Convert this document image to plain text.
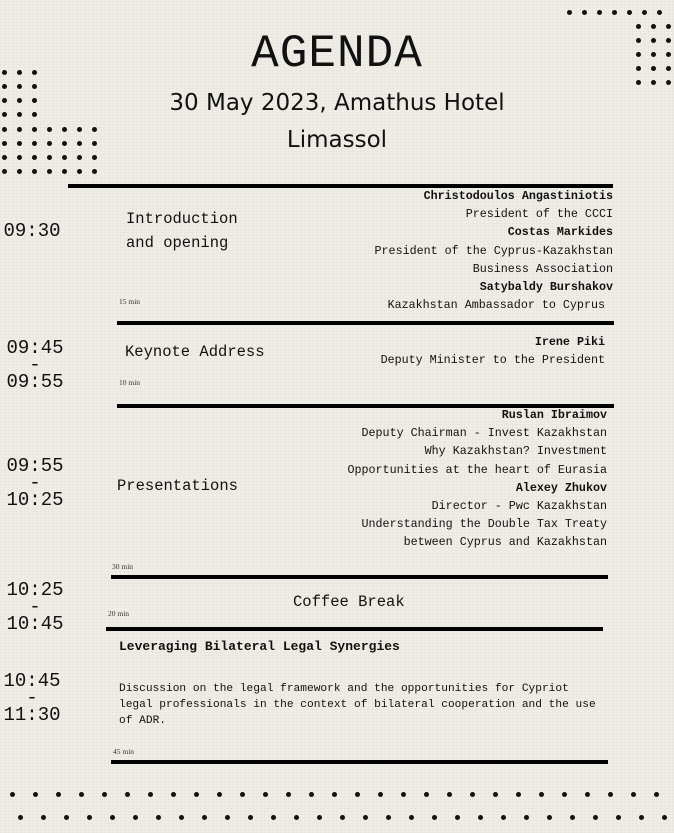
AGENDA
30 May 2023, Amathus Hotel
Limassol
09:30
Introduction
and opening
15 min
Christodoulos Angastiniotis
President of the CCCI
Costas Markides
President of the Cyprus-Kazakhstan
Business Association
Satybaldy Burshakov
Kazakhstan Ambassador to Cyprus
09:45
-
09:55
Keynote Address
10 min
Irene Piki
Deputy Minister to the President
09:55
-
10:25
Presentations
30 min
Ruslan Ibraimov
Deputy Chairman - Invest Kazakhstan
Why Kazakhstan? Investment
Opportunities at the heart of Eurasia
Alexey Zhukov
Director - Pwc Kazakhstan
Understanding the Double Tax Treaty
between Cyprus and Kazakhstan
10:25
-
10:45
Coffee Break
20 min
10:45
-
11:30
Leveraging Bilateral Legal Synergies
Discussion on the legal framework and the opportunities for Cypriot legal professionals in the context of bilateral cooperation and the use of ADR.
45 min
